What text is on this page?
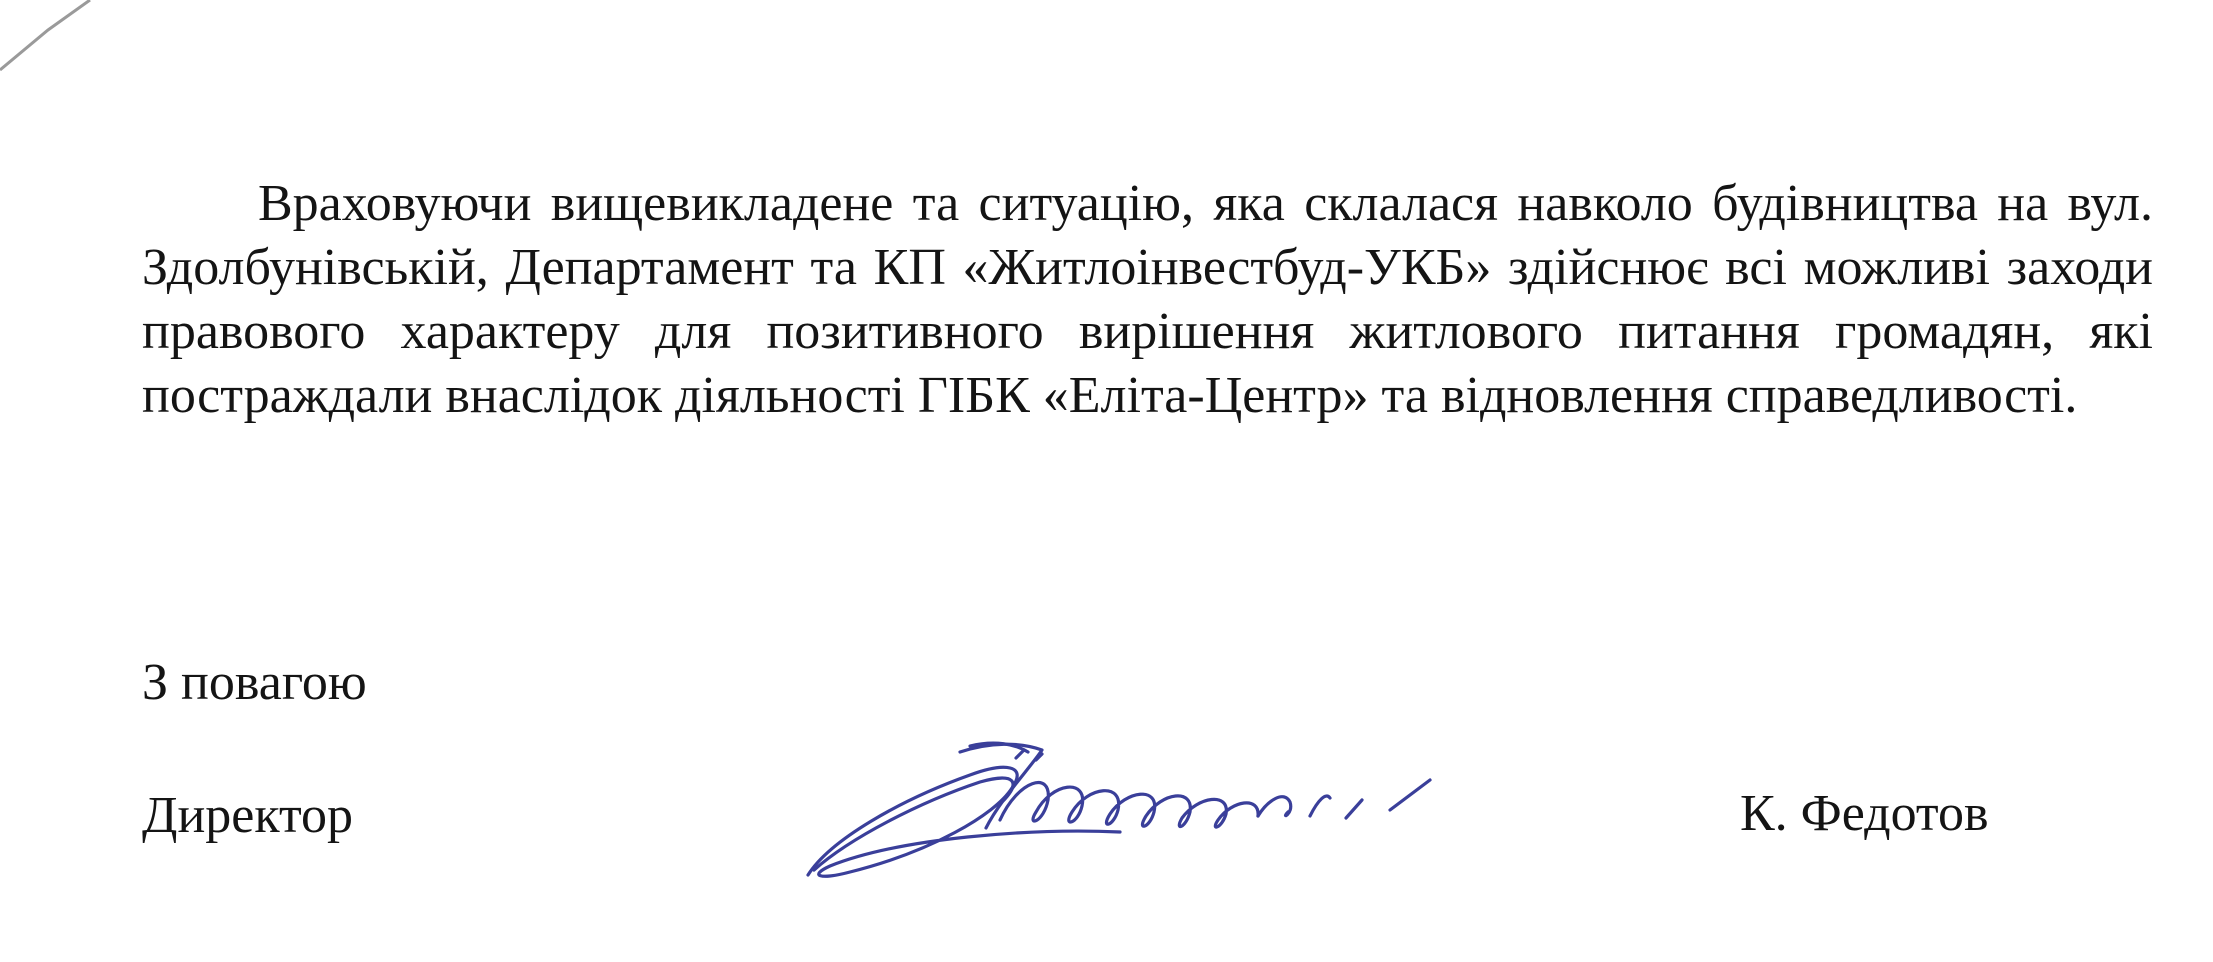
Враховуючи вищевикладене та ситуацію, яка склалася навколо будівництва на вул. Здолбунівській, Департамент та КП «Житлоінвестбуд-УКБ» здійснює всі можливі заходи правового характеру для позитивного вирішення житлового питання громадян, які постраждали внаслідок діяльності ГІБК «Еліта-Центр» та відновлення справедливості.

З повагою

Директор	К. Федотов
